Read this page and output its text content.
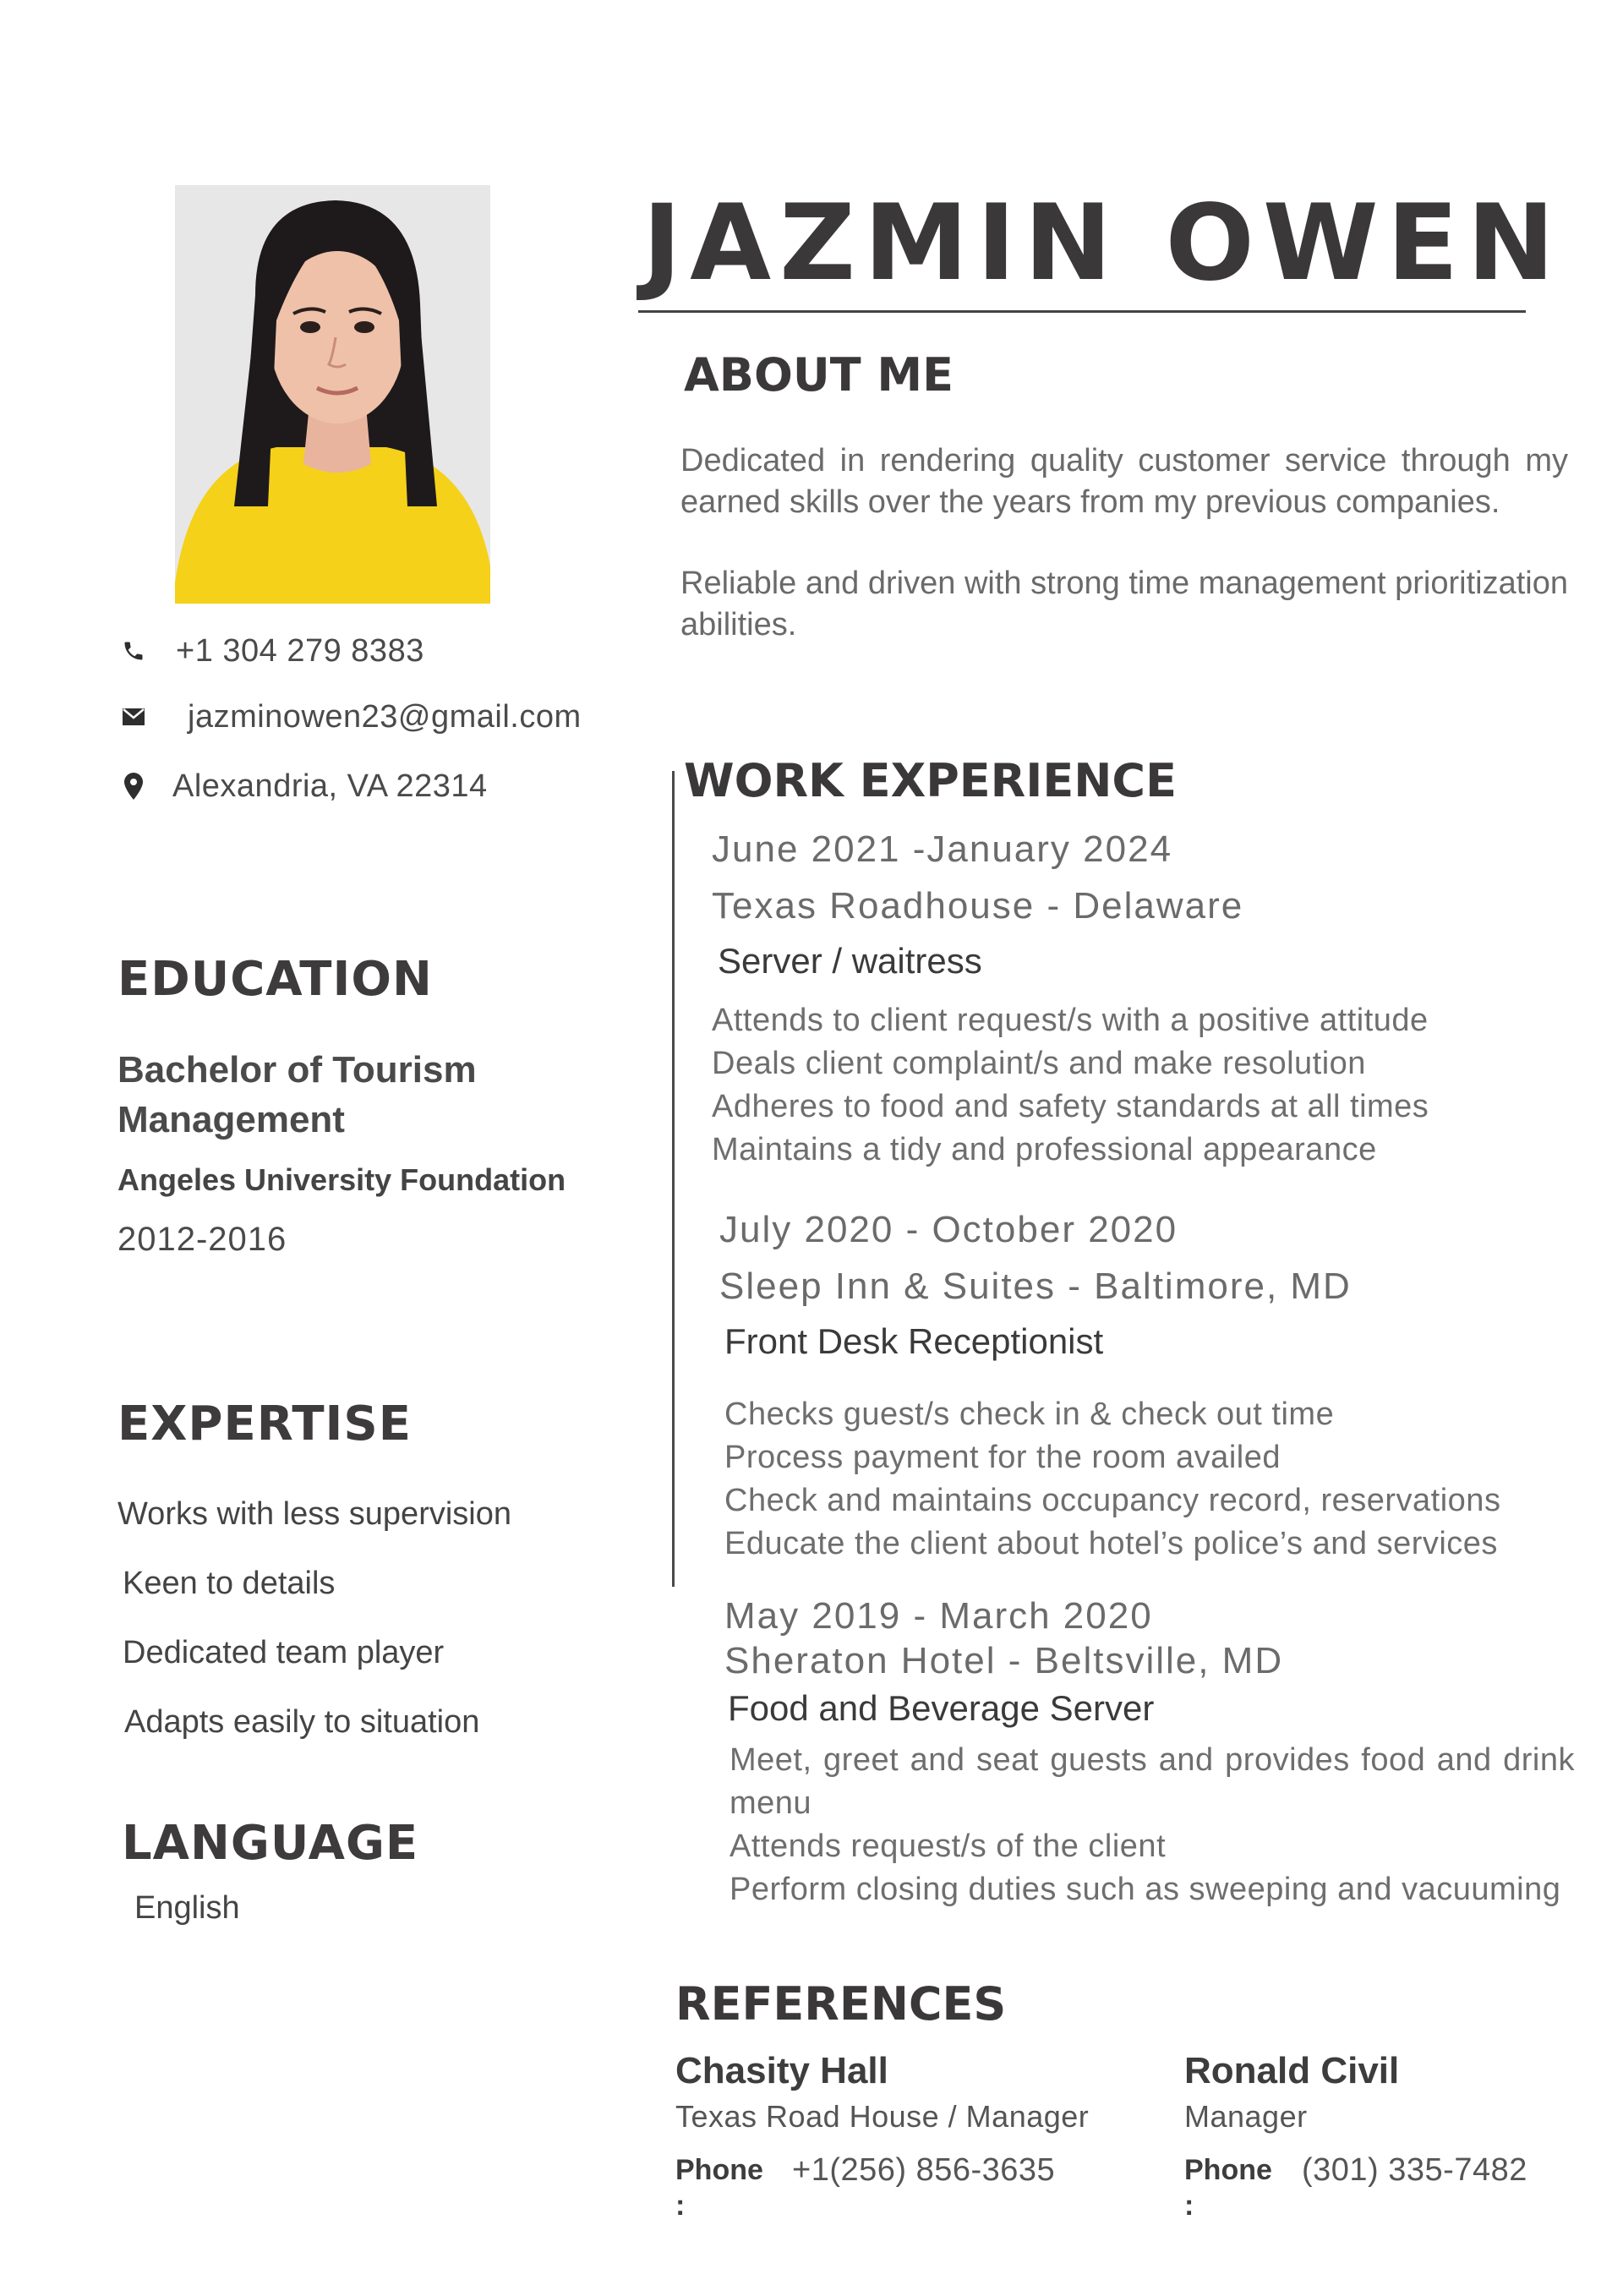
+1 304 279 8383
jazminowen23@gmail.com
Alexandria, VA 22314
EDUCATION
Bachelor of Tourism Management
Angeles University Foundation
2012-2016
EXPERTISE
Works with less supervision
Keen to details
Dedicated team player
Adapts easily to situation
LANGUAGE
English
JAZMIN OWEN
ABOUT ME
Dedicated in rendering quality customer service through my earned skills over the years from my previous companies.
Reliable and driven with strong time management prioritization abilities.
WORK EXPERIENCE
June 2021 -January 2024
Texas Roadhouse - Delaware
Server / waitress
Attends to client request/s with a positive attitude
Deals client complaint/s and make resolution
Adheres to food and safety standards at all times
Maintains a tidy and professional appearance
July 2020 - October 2020
Sleep Inn & Suites - Baltimore, MD
Front Desk Receptionist
Checks guest/s check in & check out time
Process payment for the room availed
Check and maintains occupancy record, reservations
Educate the client about hotel’s police’s and services
May 2019 - March 2020
Sheraton Hotel - Beltsville, MD
Food and Beverage Server
Meet, greet and seat guests and provides food and drink menu
Attends request/s of the client
Perform closing duties such as sweeping and vacuuming
REFERENCES
Chasity Hall
Texas Road House / Manager
Phone :
+1(256) 856-3635
Ronald Civil
Manager
Phone :
(301) 335-7482
